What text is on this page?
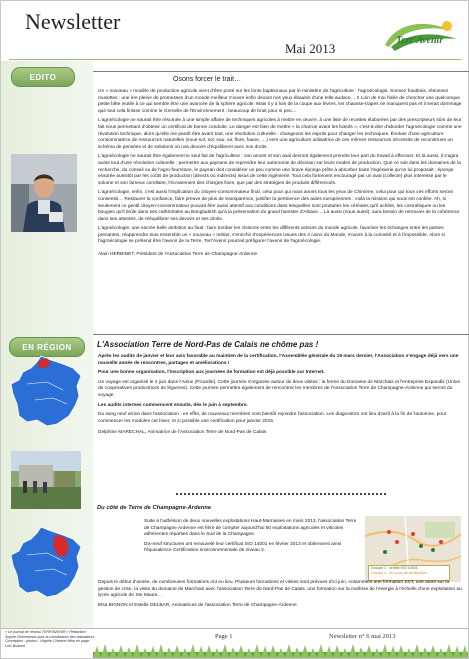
Newsletter
Mai 2013
Terr'Avenir
EDITO
EN RÉGION
Osons forcer le trait…

Un « nouveau » modèle de production agricole vient d'être porté sur les fonts baptismaux par le ministère de l'agriculture : l'agroécologie. Sonnez hautbois, résonnez musettes : une ère pleine de promesses d'un monde meilleur s'ouvre enfin devant nos yeux ébaubis d'une telle audace… !! Loin de moi l'idée de chercher une quelconque petite bête inutile à ce qui semble être une avancée de la sphère agricole. Mais il y a loin de la coupe aux lèvres, les chausse-trapes ne manquent pas et il serait dommage que tout cela finisse comme le Grenelle de l'Environnement : beaucoup de bruit pour si peu…

L'agroécologie ne saurait être résumée à une simple affaire de techniques agricoles à mettre en œuvre, à une liste de recettes élaborées par des prescripteurs sûrs de leur fait nous permettant d'obtenir un certificat de bonne conduite. Le danger est bien de mettre « la charrue avant les bœufs », c'est-à-dire d'aborder l'agroécologie comme une révolution technique, alors qu'elle me paraît être avant tout, une révolution culturelle : changeons les esprits pour changer les techniques. Évoluer d'une agriculture consommatrice de ressources naturelles (sous-sol, sol, eau, air, flore, faune, …) vers une agriculture utilisatrice de ces mêmes ressources nécessite de reconstruire un schéma de pensées et de solutions où nos devoirs d'équilibrent avec nos droits.

L'agroécologie ne saurait être également le seul fait de l'agriculteur : son amont et son aval devront également prendre leur part du travail à effectuer. Et là aussi, il s'agira avant tout d'une révolution culturelle : permettre aux paysans de reprendre leur autonomie de décision sur leurs modes de production. Que ce soit dans les domaines de la recherche, du conseil ou de l'agro-fourniture, le paysan doit considérer un peu comme une brave éponge prête à absorber toute l'ingénierie qu'on lui proposait ; éponge essorée aussitôt par les coûts de production (directs ou indirects) issus de cette ingénierie. Tout cela fortement encouragé par un aval (collecte) plus intéressé par le volume et son fameux corollaire, l'écrasement des charges fixes, que par des stratégies de produits différenciés.

L'agroécologie, enfin, c'est aussi l'implication du citoyen-consommateur final, celui pour qui nous avons tous les yeux de Chimène, celui pour qui tous ces efforts seront consentis… Restaurer la confiance, faire preuve de plus de transparence, justifier la pertinence des aides européennes : voilà la mission qui nous est confiée. Ah, si seulement ce gentil citoyen-consommateur pouvait être aussi attentif aux conditions dans lesquelles sont produites les céréales qu'il achète, les cosmétiques ou les bougies qu'il brûle dans ses cathédrales au Bangladesh qu'à la préservation du grand hamster d'Alsace… Là aussi (nous aussi), aura besoin de retrouver de la cohérence dans ses attentes, de rééquilibrer ses devoirs et ses droits.

L'agroécologie, une sacrée belle ambition au final : faire tomber les cloisons entre les différents acteurs du monde agricole, favoriser les échanges entre les parties prenantes, réapprendre tous ensemble un « nouveau » métier, s'enrichir d'expériences issues des 4 coins du Monde, s'ouvrir à la curiosité et à l'impossible. Alors si l'agroécologie se prétend être l'avenir de la Terre, Terr'Avenir pourrait préfigurer l'avenir de l'agroécologie.

Alain HERBINET, Président de l'Association Terre de Champagne-Ardenne

L'Association Terre de Nord-Pas de Calais ne chôme pas !

Après les audits de janvier et leur avis favorable au maintien de la certification, l'Assemblée générale du 19 mars dernier, l'Association s'engage déjà vers une nouvelle année de rencontres, partages et améliorations !

Pour une bonne organisation, l'inscription aux journées de formation est déjà possible sur Internet.

Un voyage est organisé le 4 juin dans l'Aisne (Picardie). Cette journée s'organise autour de deux visites : la ferme du Domaine de Marchais et l'entreprise Expandis (Union de coopératives productrices de légumes). Cette journée permettra également de rencontrer les membres de l'Association Terre de Champagne-Ardenne qui seront du voyage.

Les audits internes commencent ensuite, dès le juin à septembre.

Du sang neuf arrive dans l'association : en effet, de nouveaux membres vont bientôt rejoindre l'association. Les diagnostics ont lieu d'avril à la fin de l'automne, pour commencer les modules cet hiver, et si possible une certification pour janvier 2015.

Delphine MARECHAL, Animatrice de l'Association Terre de Nord-Pas de Calais

Du côté de Terre de Champagne-Ardenne
Groupe 1 : certifié ISO 14001
Groupe 2 : en cours de certification

Suite à l'adhésion de deux nouvelles exploitations Haut-Marnaises en mars 2013, l'association Terre de Champagne Ardenne est fière de compter aujourd'hui 50 exploitations agricoles et viticoles adhérentes réparties dans le Sud de la Champagne.

Dix-neuf structures ont renouvelé leur certificat ISO 14001 en février 2013 et obtiennent ainsi l'équivalence Certification environnementale de niveau 2.

Depuis le début d'année, de nombreuses formations ont eu lieu. Plusieurs formations et visites sont prévues d'ici juin, notamment une formation SST, une autre sur la gestion de crise, la visite du domaine de Marchais avec l'association Terre de Nord-Pas de Calais, une formation sur la maîtrise de l'énergie à l'échelle d'une exploitation au lycée agricole de Ste Maure…

Elsa BIGNON et Estelle DELBAR, Animatrices de l'association Terre de Champagne-Ardenne

« Le journal de réseau TERR'AVENIR » Rédaction : Sophie Delonneaux pour la coordination des animateurs Conception : photos : Virginie Chantrel Mise en page : Loïc Bulliard
Page 1	Newsletter n° 6 mai 2013
